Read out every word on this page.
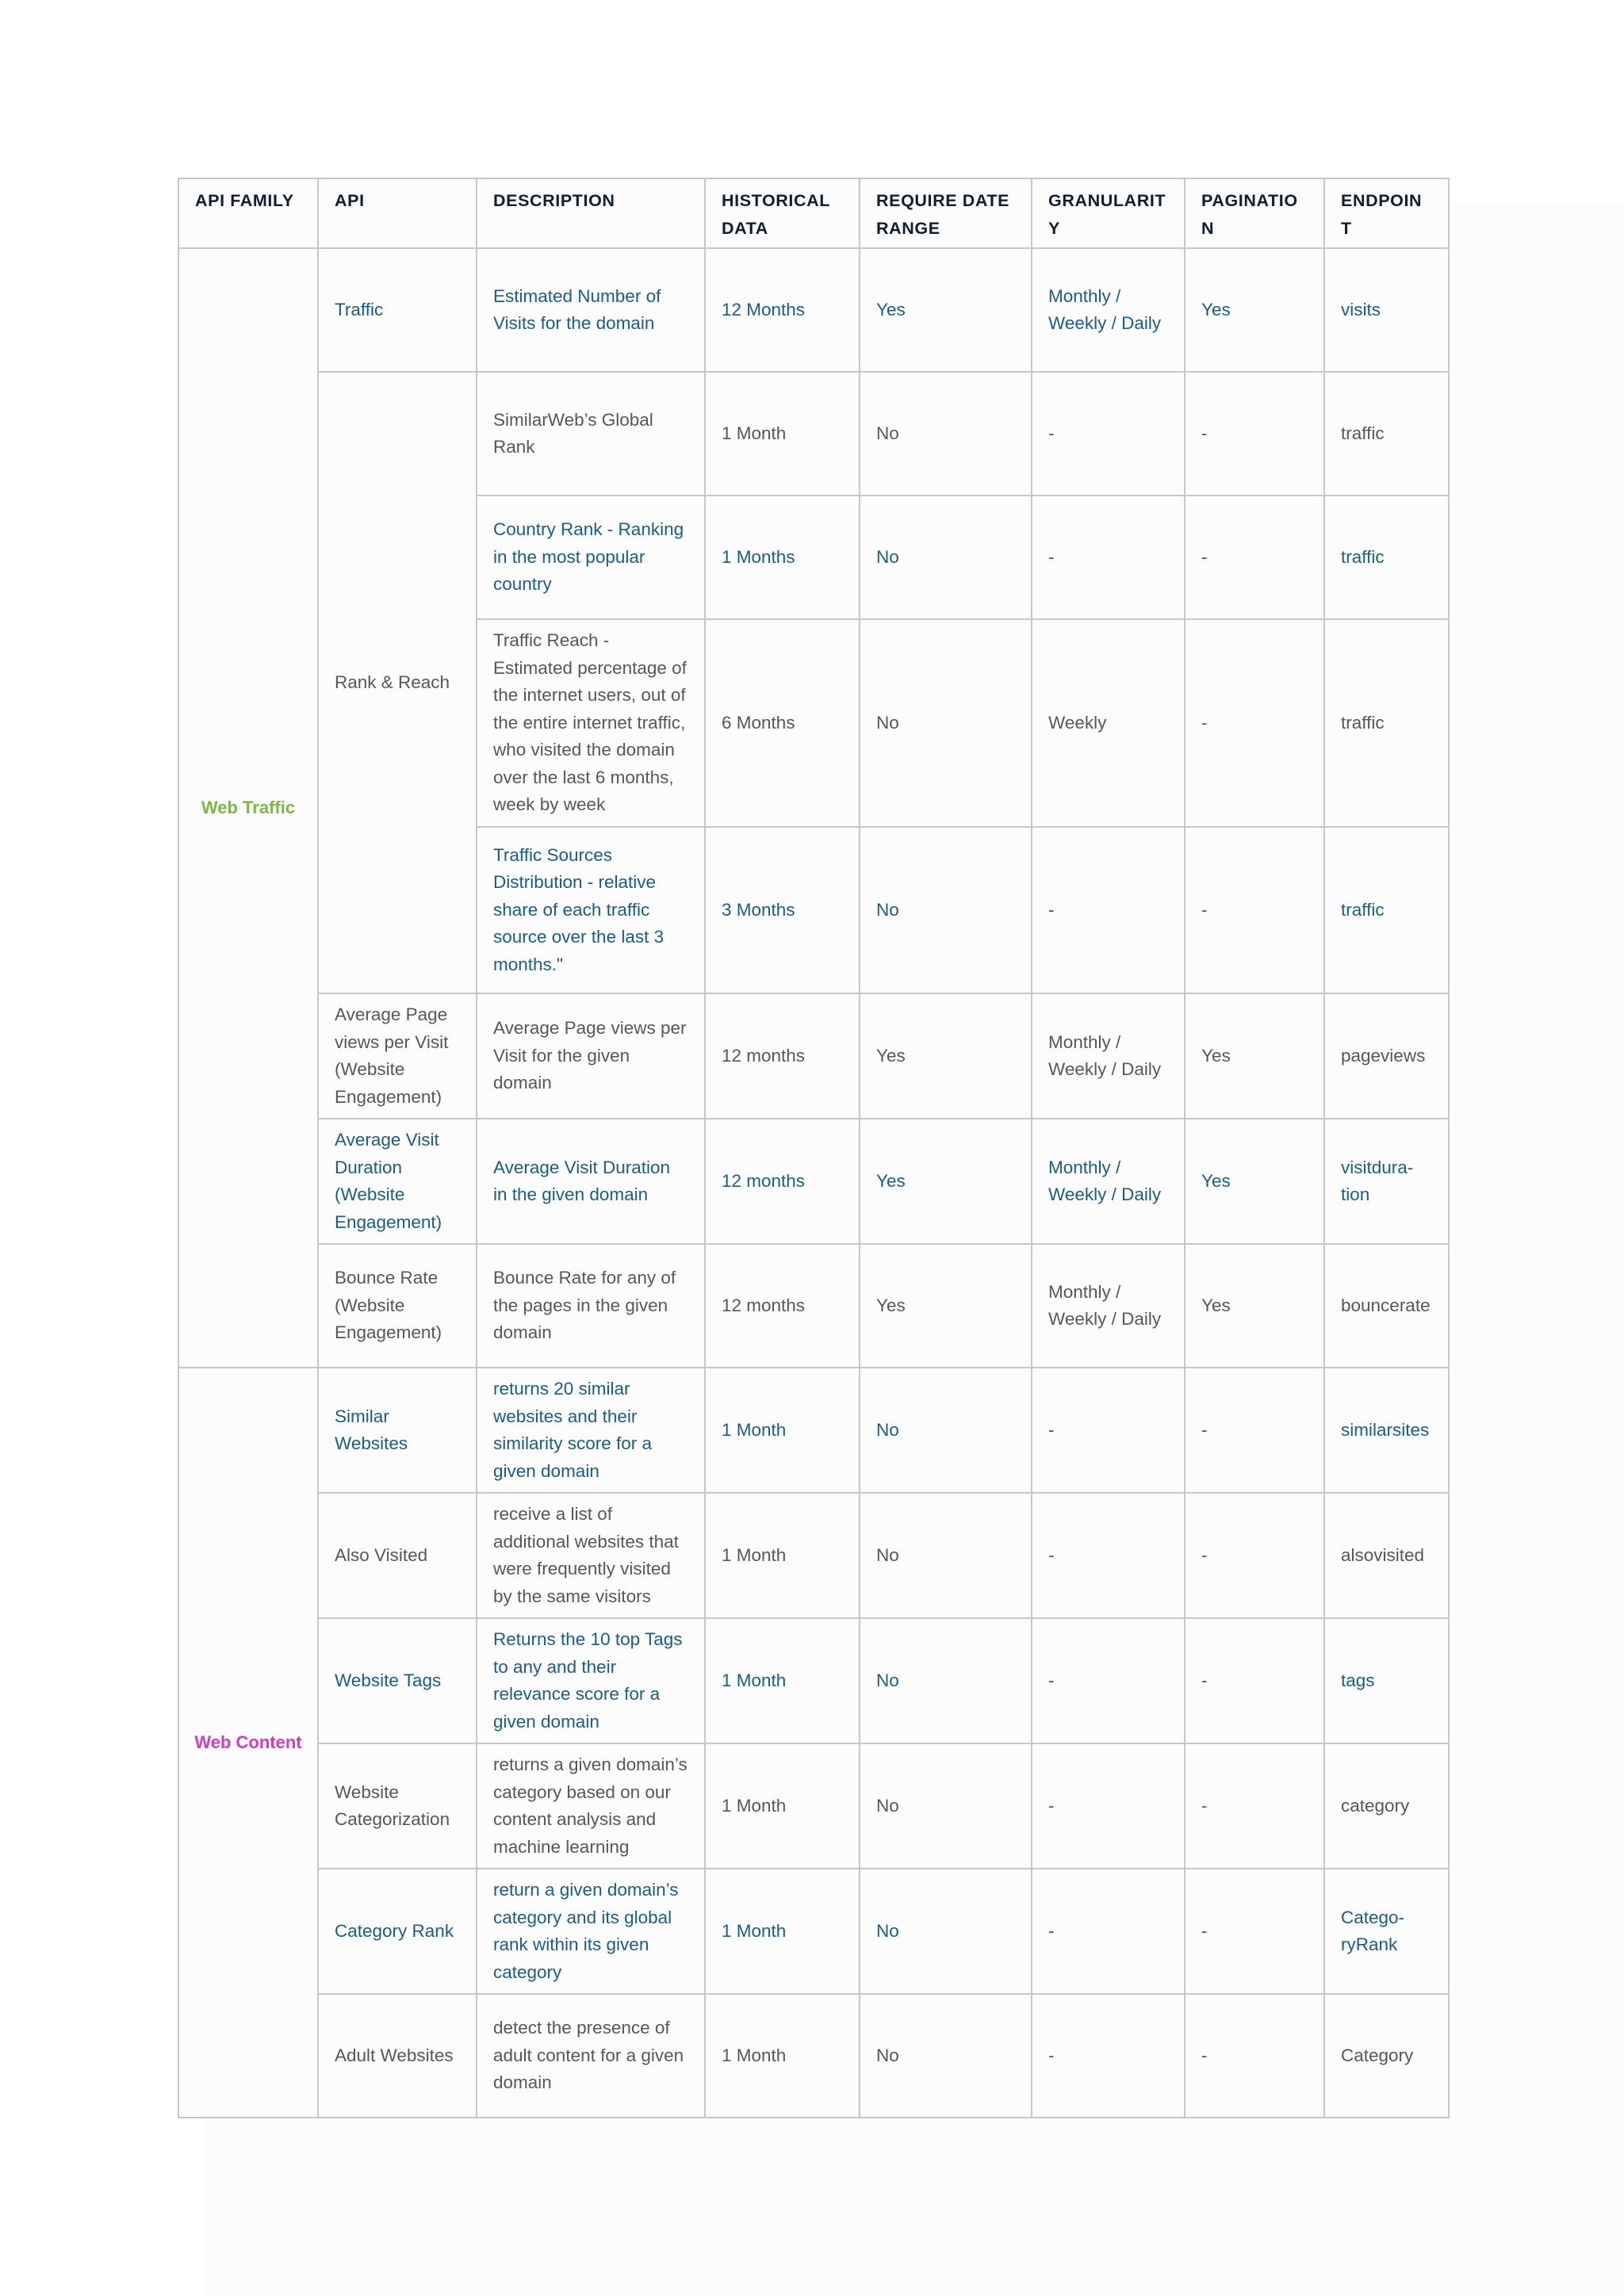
API FAMILY	API	DESCRIPTION	HISTORICAL DATA	REQUIRE DATE RANGE	GRANULARITY	PAGINATION	ENDPOINT
Web Traffic	Traffic	Estimated Number of Visits for the domain	12 Months	Yes	Monthly / Weekly / Daily	Yes	visits
	Rank & Reach	SimilarWeb’s Global Rank	1 Month	No	-	-	traffic
		Country Rank - Ranking in the most popular country	1 Months	No	-	-	traffic
		Traffic Reach - Estimated percentage of the internet users, out of the entire internet traffic, who visited the domain over the last 6 months, week by week	6 Months	No	Weekly	-	traffic
		Traffic Sources Distribution - relative share of each traffic source over the last 3 months."	3 Months	No	-	-	traffic
	Average Page views per Visit (Website Engagement)	Average Page views per Visit for the given domain	12 months	Yes	Monthly / Weekly / Daily	Yes	pageviews
	Average Visit Duration (Website Engagement)	Average Visit Duration in the given domain	12 months	Yes	Monthly / Weekly / Daily	Yes	visitdura-tion
	Bounce Rate (Website Engagement)	Bounce Rate for any of the pages in the given domain	12 months	Yes	Monthly / Weekly / Daily	Yes	bouncerate
Web Content	Similar Websites	returns 20 similar websites and their similarity score for a given domain	1 Month	No	-	-	similarsites
	Also Visited	receive a list of additional websites that were frequently visited by the same visitors	1 Month	No	-	-	alsovisited
	Website Tags	Returns the 10 top Tags to any and their relevance score for a given domain	1 Month	No	-	-	tags
	Website Categorization	returns a given domain’s category based on our content analysis and machine learning	1 Month	No	-	-	category
	Category Rank	return a given domain’s category and its global rank within its given category	1 Month	No	-	-	Catego-ryRank
	Adult Websites	detect the presence of adult content for a given domain	1 Month	No	-	-	Category
